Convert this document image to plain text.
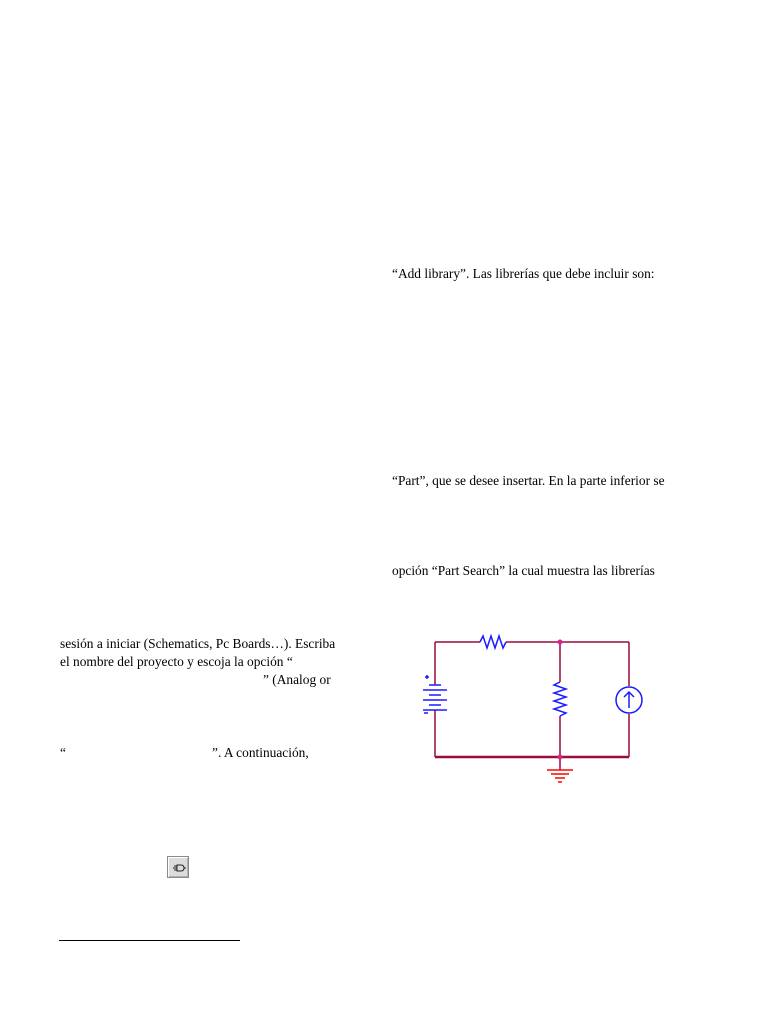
“Add library”. Las librerías que debe incluir son:
“Part”, que se desee insertar. En la parte inferior se
opción “Part Search” la cual muestra las librerías
sesión a iniciar (Schematics, Pc Boards…). Escriba
el nombre del proyecto y escoja la opción “
” (Analog or
“	”. A continuación,
